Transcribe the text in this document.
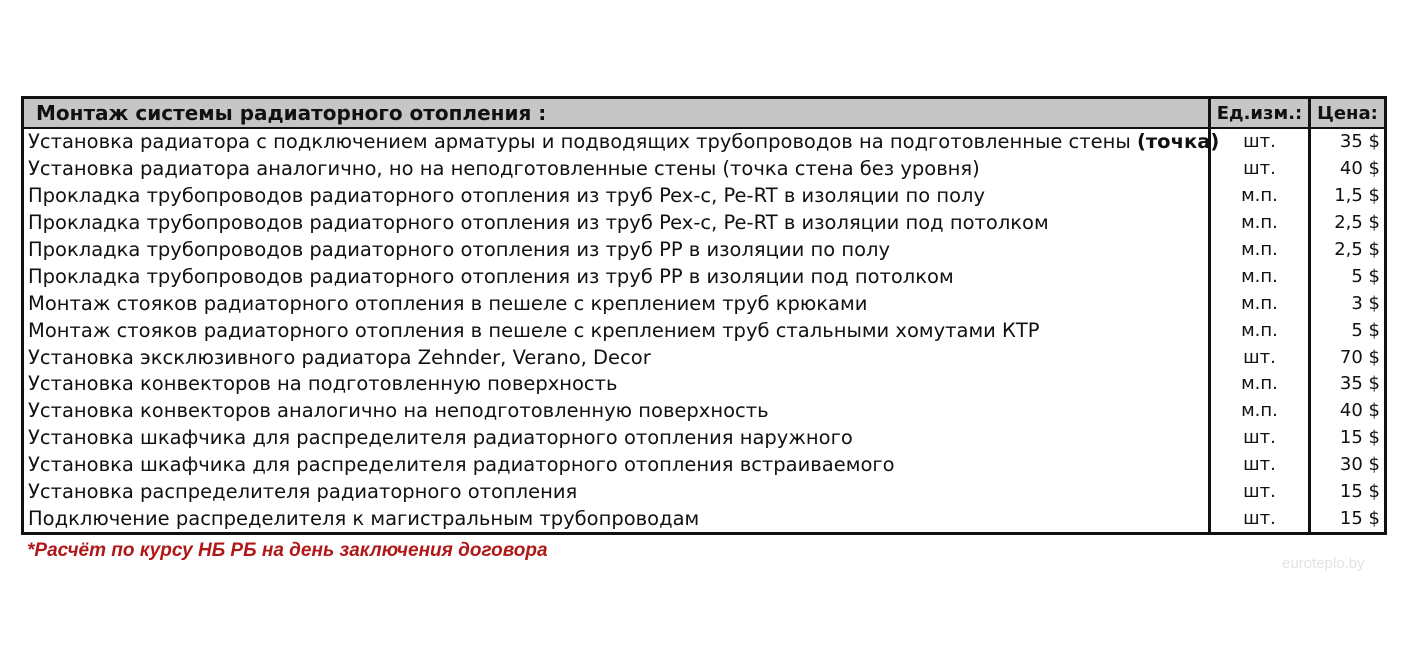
Монтаж системы радиаторного отопления :	Ед.изм.:	Цена:
Установка радиатора с подключением арматуры и подводящих трубопроводов на подготовленные стены (точка)	шт.	35 $
Установка радиатора аналогично, но на неподготовленные стены (точка стена без уровня)	шт.	40 $
Прокладка трубопроводов радиаторного отопления из труб Pex-c, Pe-RT в изоляции по полу	м.п.	1,5 $
Прокладка трубопроводов радиаторного отопления из труб Pex-c, Pe-RT в изоляции под потолком	м.п.	2,5 $
Прокладка трубопроводов радиаторного отопления из труб PP в изоляции по полу	м.п.	2,5 $
Прокладка трубопроводов радиаторного отопления из труб PP в изоляции под потолком	м.п.	5 $
Монтаж стояков радиаторного отопления в пешеле с креплением труб крюками	м.п.	3 $
Монтаж стояков радиаторного отопления в пешеле с креплением труб стальными хомутами КТР	м.п.	5 $
Установка эксклюзивного радиатора Zehnder, Verano, Decor	шт.	70 $
Установка конвекторов на подготовленную поверхность	м.п.	35 $
Установка конвекторов аналогично на неподготовленную поверхность	м.п.	40 $
Установка шкафчика для распределителя радиаторного отопления наружного	шт.	15 $
Установка шкафчика для распределителя радиаторного отопления встраиваемого	шт.	30 $
Установка распределителя радиаторного отопления	шт.	15 $
Подключение распределителя к магистральным трубопроводам	шт.	15 $

*Расчёт по курсу НБ РБ на день заключения договора

euroteplo.by
